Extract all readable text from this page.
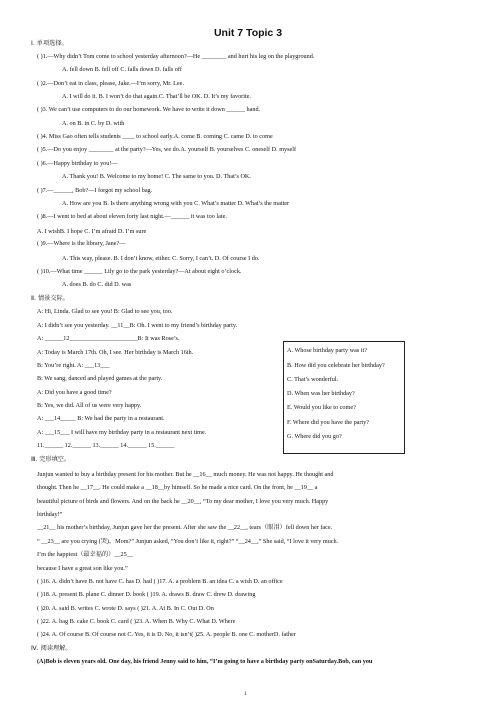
Unit 7 Topic 3
Ⅰ. 单项选择。
( )1.—Why didn’t Tom come to school yesterday afternoon?—He ________ and hurt his leg on the playground.
A. fell down B. fell off C. falls down D. falls off
( )2.—Don’t eat in class, please, Jake.—I’m sorry, Mr. Lee.
A. I will do it. B. I won’t do that again.C. That’ll be OK. D. It’s my favorite.
( )3. We can’t use computers to do our homework. We have to write it down ______ hand.
A. on B. in C. by D. with
( )4. Miss Gao often tells students ____ to school early.A. come B. coming C. came D. to come
( )5.—Do you enjoy ________ at the party?—Yes, we do.A. yourself B. yourselves C. oneself D. myself
( )6.—Happy birthday to you!—
A. Thank you! B. Welcome to my home! C. The same to you. D. That’s OK.
( )7.—______, Bob?—I forgot my school bag.
A. How are you B. Is there anything wrong with you C. What’s matter D. What’s the matter
( )8.—I went to bed at about eleven forty last night.—______ it was too late.
A. I wishB. I hope C. I’m afraid D. I’m sure
( )9.—Where is the library, Jane?—
A. This way, please. B. I don’t know, either. C. Sorry, I can’t. D. Of course I do.
( )10.—What time ______ Lily go to the park yesterday?—At about eight o’clock.
A. does B. do C. did D. was
Ⅱ. 情景交际。
A: Hi, Linda. Glad to see you! B: Glad to see you, too.
A: I didn’t see you yesterday. __11__B: Oh. I went to my friend’s birthday party.
A: ______12______________________B: It was Rose’s.
A: Today is March 17th. Oh, I see. Her birthday is March 16th.
B: You’re right. A: ___13___
B: We sang, danced and played games at the party.
A: Did you have a good time?
B: Yes, we did. All of us were very happy.
A: ___14_____ B: We had the party in a restaurant.
A: ___15___ I will have my birthday party in a restaurant next time.
11.______ 12.______ 13.______ 14.______ 15.______
A. Whose birthday party was it?
B. How did you celebrate her birthday?
C. That’s wonderful.
D. When was her birthday?
E. Would you like to come?
F. Where did you have the party?
G. Where did you go?
Ⅲ. 完形填空。
Junjun wanted to buy a birthday present for his mother. But he __16__ much money. He was not happy. He thought and
thought. Then he __17__. He could make a __18__by himself. So he made a nice card. On the front, he __19__ a
beautiful picture of birds and flowers. And on the back he __20__, “To my dear mother, I love you very much. Happy
birthday!”
__21__ his mother’s birthday, Junjun gave her the present. After she saw the __22__, tears（眼泪）fell down her face.
“ __23__ are you crying (哭)，Mom?” Junjun asked, “You don’t like it, right?” “__24__,” She said, “I love it very much.
I’m the happiest（最幸福的）__25__
because I have a great son like you.”
( )16. A. didn’t have B. not have C. has D. had ( )17. A. a problem B. an idea C. a wish D. an office
( )18. A. present B. plane C. dinner D. book ( )19. A. draws B. draw C. drew D. drawing
( )20. A. said B. writes C. wrote D. says ( )21. A. At B. In C. Out D. On
( )22. A. bag B. cake C. book C. card ( )23. A. When B. Why C. What D. Where
( )24. A. Of course B. Of course not C. Yes, it is D. No, it isn’t( )25. A. people B. one C. motherD. father
Ⅳ. 阅读理解。
(A)Bob is eleven years old. One day, his friend Jenny said to him, “I’m going to have a birthday party onSaturday.Bob, can you
1
